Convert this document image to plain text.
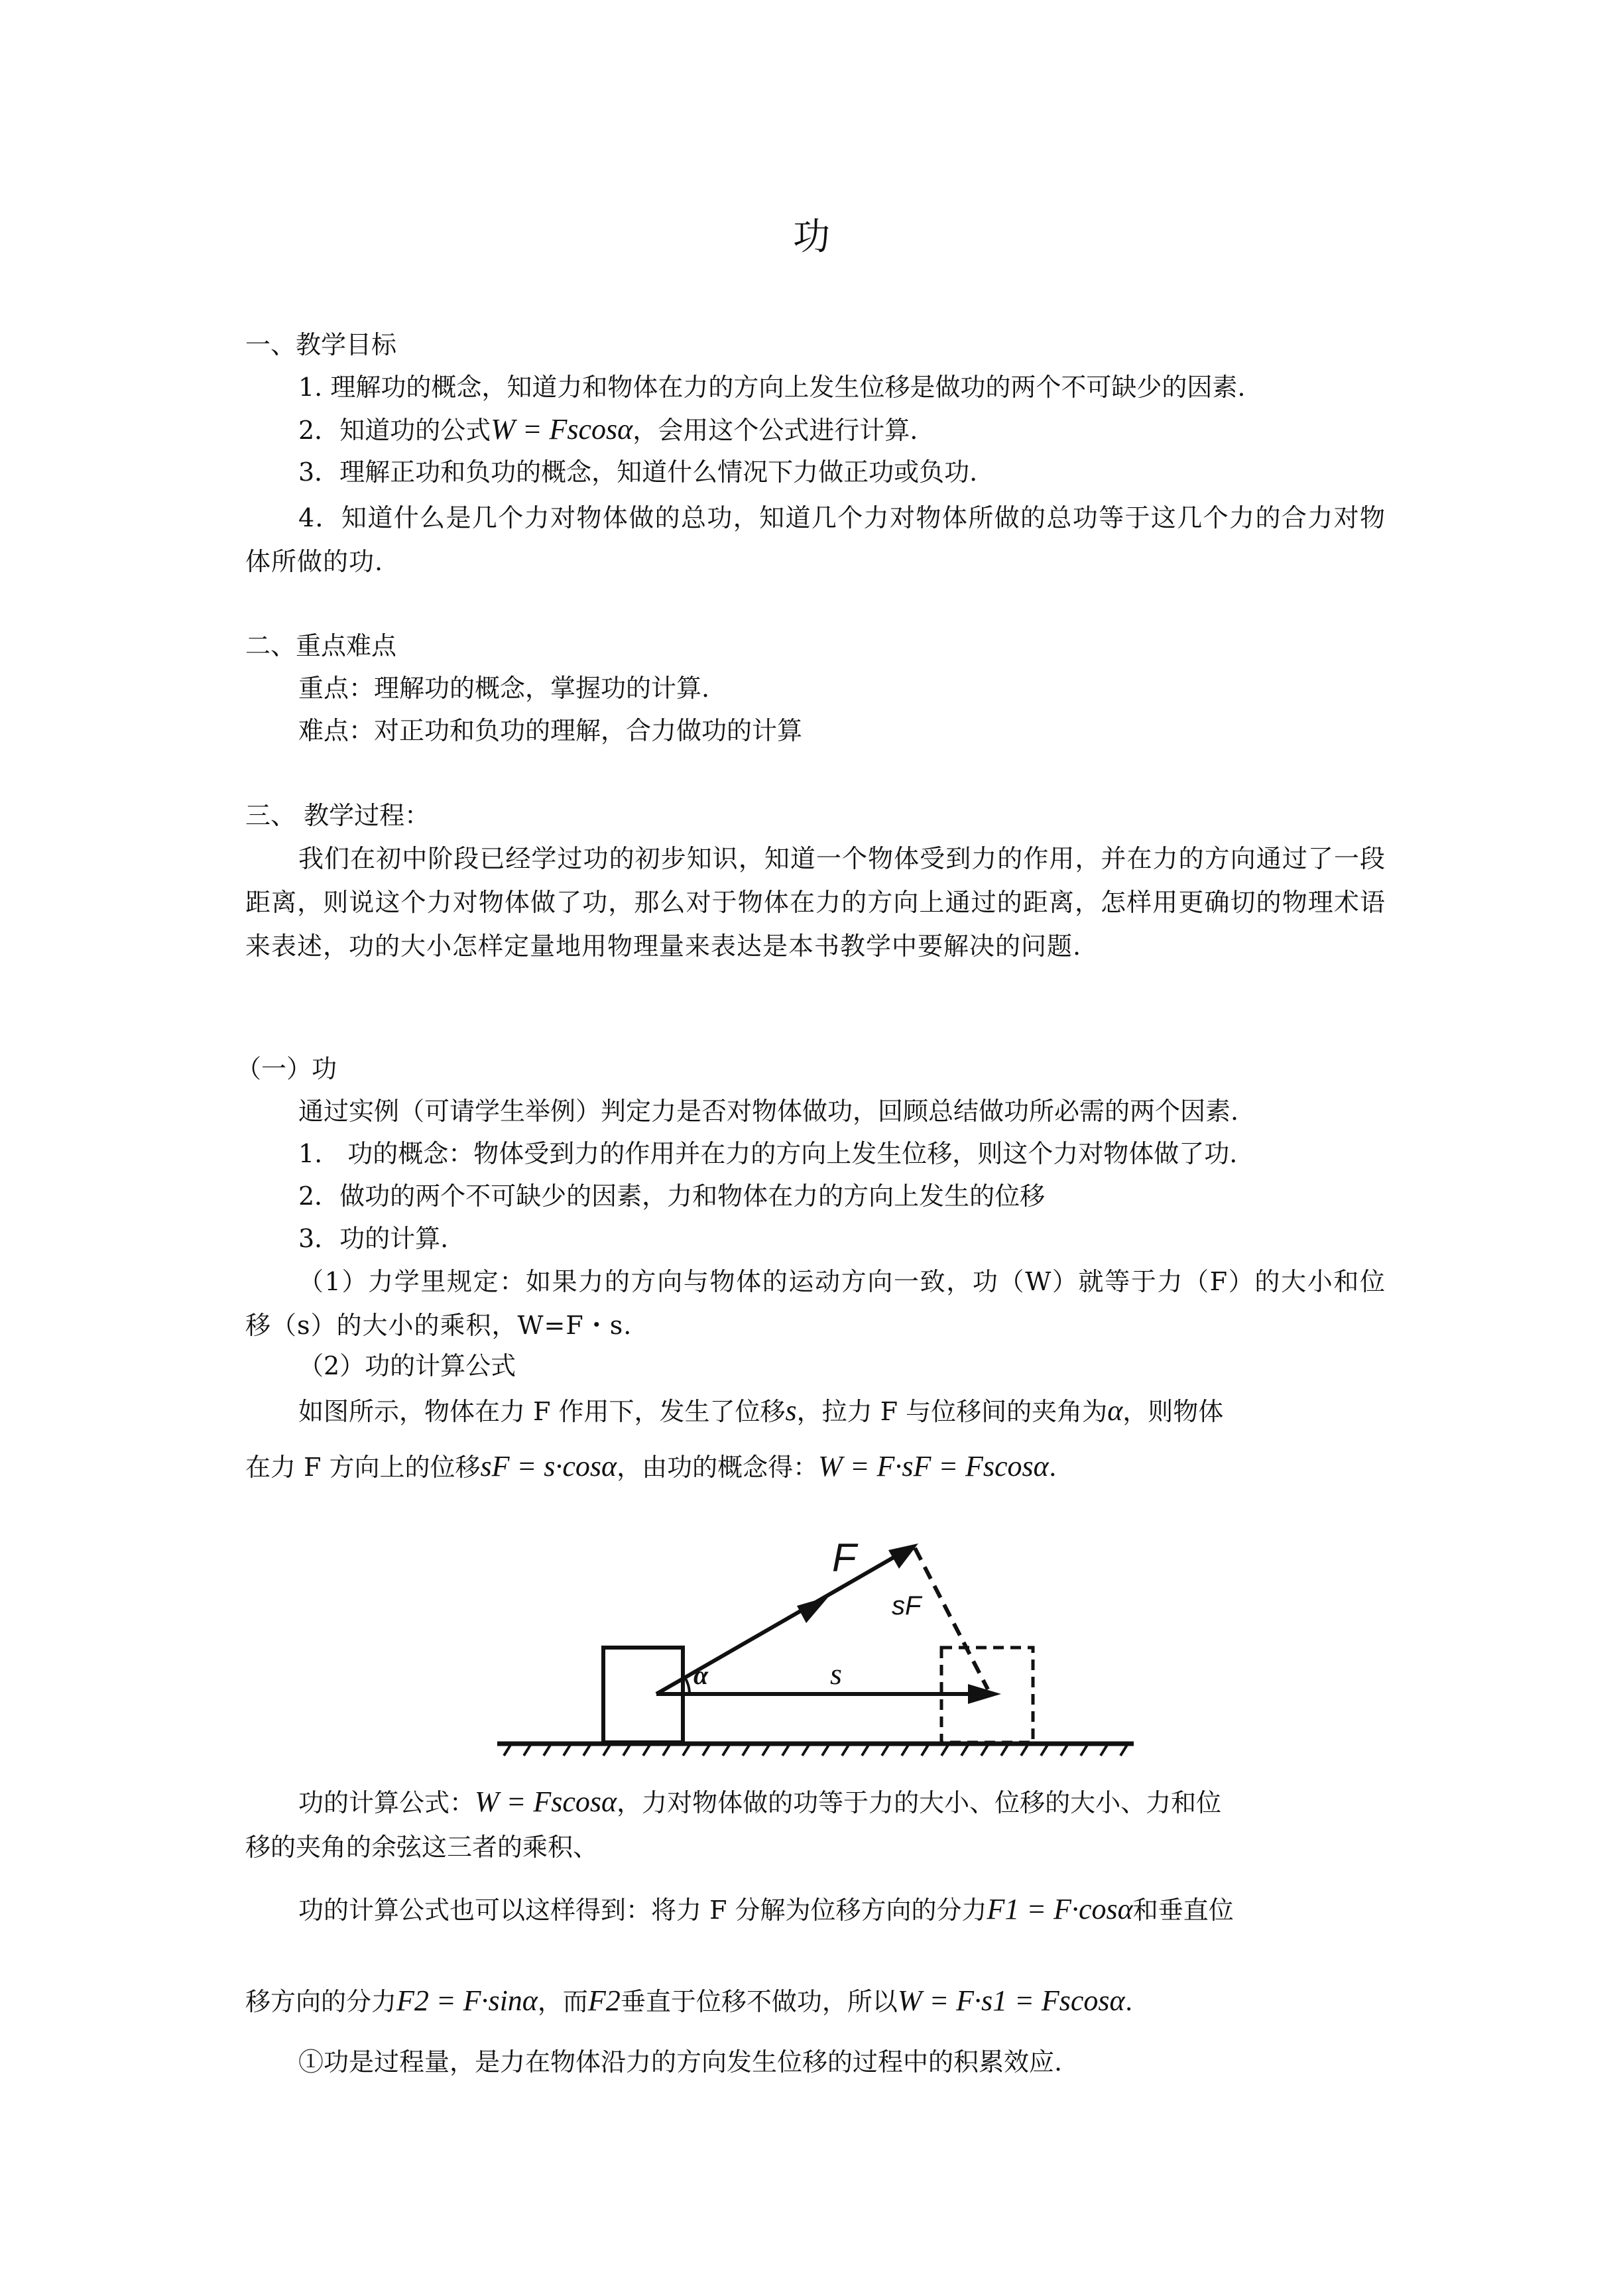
功
一、教学目标
1. 理解功的概念，知道力和物体在力的方向上发生位移是做功的两个不可缺少的因素.
2．知道功的公式W = Fscosα，会用这个公式进行计算.
3．理解正功和负功的概念，知道什么情况下力做正功或负功.
4．知道什么是几个力对物体做的总功，知道几个力对物体所做的总功等于这几个力的合力对物体所做的功.
二、重点难点
重点：理解功的概念，掌握功的计算.
难点：对正功和负功的理解，合力做功的计算
三、 教学过程：
我们在初中阶段已经学过功的初步知识，知道一个物体受到力的作用，并在力的方向通过了一段距离，则说这个力对物体做了功，那么对于物体在力的方向上通过的距离，怎样用更确切的物理术语来表述，功的大小怎样定量地用物理量来表达是本书教学中要解决的问题.
（一）功
通过实例（可请学生举例）判定力是否对物体做功，回顾总结做功所必需的两个因素.
1.　功的概念：物体受到力的作用并在力的方向上发生位移，则这个力对物体做了功.
2．做功的两个不可缺少的因素，力和物体在力的方向上发生的位移
3．功的计算.
（1）力学里规定：如果力的方向与物体的运动方向一致，功（W）就等于力（F）的大小和位移（s）的大小的乘积，W=F・s.
（2）功的计算公式
如图所示，物体在力 F 作用下，发生了位移s，拉力 F 与位移间的夹角为α，则物体
在力 F 方向上的位移sF = s·cosα，由功的概念得：W = F·sF = Fscosα.
F
sF
α	s
功的计算公式：W = Fscosα，力对物体做的功等于力的大小、位移的大小、力和位
移的夹角的余弦这三者的乘积、
功的计算公式也可以这样得到：将力 F 分解为位移方向的分力F1 = F·cosα和垂直位
移方向的分力F2 = F·sinα，而F2垂直于位移不做功，所以W = F·s1 = Fscosα.
①功是过程量，是力在物体沿力的方向发生位移的过程中的积累效应.
